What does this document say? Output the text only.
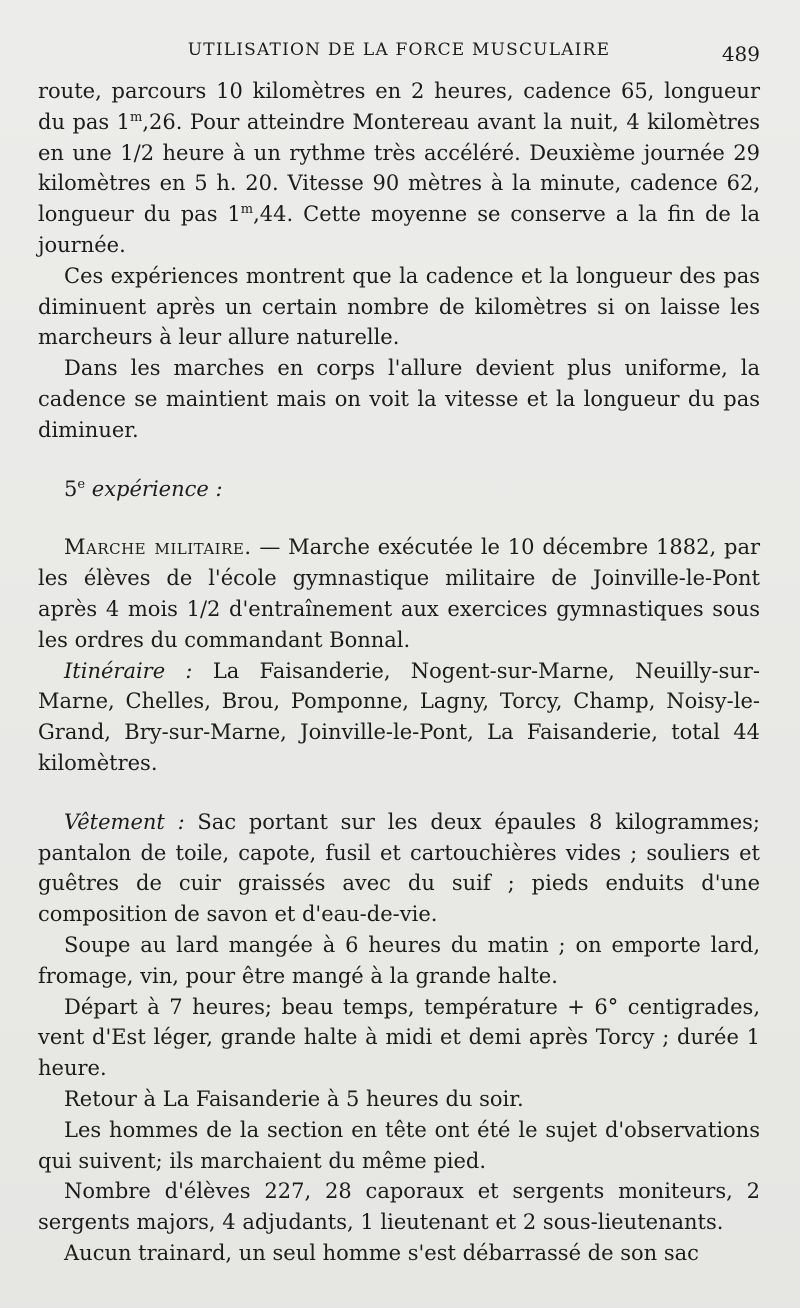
UTILISATION DE LA FORCE MUSCULAIRE	489

route, parcours 10 kilomètres en 2 heures, cadence 65, longueur du pas 1$^m$,26. Pour atteindre Montereau avant la nuit, 4 kilomètres en une 1/2 heure à un rythme très accéléré. Deuxième journée 29 kilomètres en 5 h. 20. Vitesse 90 mètres à la minute, cadence 62, longueur du pas 1$^m$,44. Cette moyenne se conserve a la fin de la journée.

Ces expériences montrent que la cadence et la longueur des pas diminuent après un certain nombre de kilomètres si on laisse les marcheurs à leur allure naturelle.

Dans les marches en corps l'allure devient plus uniforme, la cadence se maintient mais on voit la vitesse et la longueur du pas diminuer.

5e expérience :

Marche militaire. — Marche exécutée le 10 décembre 1882, par les élèves de l'école gymnastique militaire de Joinville-le-Pont après 4 mois 1/2 d'entraînement aux exercices gymnastiques sous les ordres du commandant Bonnal.

Itinéraire : La Faisanderie, Nogent-sur-Marne, Neuilly-sur-Marne, Chelles, Brou, Pomponne, Lagny, Torcy, Champ, Noisy-le-Grand, Bry-sur-Marne, Joinville-le-Pont, La Faisanderie, total 44 kilomètres.

Vêtement : Sac portant sur les deux épaules 8 kilogrammes; pantalon de toile, capote, fusil et cartouchières vides ; souliers et guêtres de cuir graissés avec du suif ; pieds enduits d'une composition de savon et d'eau-de-vie.

Soupe au lard mangée à 6 heures du matin ; on emporte lard, fromage, vin, pour être mangé à la grande halte.

Départ à 7 heures; beau temps, température + 6° centigrades, vent d'Est léger, grande halte à midi et demi après Torcy ; durée 1 heure.

Retour à La Faisanderie à 5 heures du soir.

Les hommes de la section en tête ont été le sujet d'observations qui suivent; ils marchaient du même pied.

Nombre d'élèves 227, 28 caporaux et sergents moniteurs, 2 sergents majors, 4 adjudants, 1 lieutenant et 2 sous-lieutenants.

Aucun trainard, un seul homme s'est débarrassé de son sac
